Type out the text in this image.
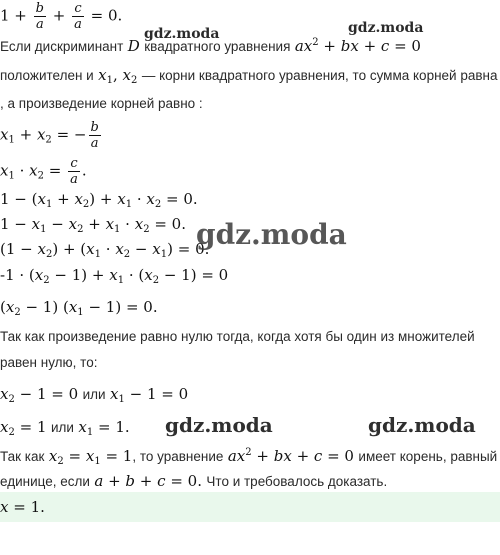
$1 + \frac{b}{a} + \frac{c}{a} = 0$.
Если дискриминант D квадратного уравнения $ax^2$ + bx + c = 0
положителен и $x_1$, $x_2$ — корни квадратного уравнения, то сумма корней равна
, а произведение корней равно :
$x_1 + x_2$ = − $\frac{b}{a}$
$x_1 \cdot x_2 = \frac{c}{a}$ .
$1 - (x_1 + x_2) + x_1 \cdot x_2 = 0$.
$1 - x_1 - x_2 + x_1 \cdot x_2 = 0$.
$(1 - x_2) + (x_1 \cdot x_2 - x_1) = 0$.
$-1 \cdot (x_2 - 1) + x_1 \cdot (x_2 - 1) = 0$
$(x_2 - 1) (x_1 - 1) = 0$.
Так как произведение равно нулю тогда, когда хотя бы один из множителей
равен нулю, то:
$x_2 - 1 = 0$ или $x_1 - 1 = 0$
$x_2 = 1$ или $x_1 = 1$.
Так как $x_2 = x_1 = 1$, то уравнение $ax^2$ + bx + c = 0 имеет корень, равный
единице, если a + b + c = 0. Что и требовалось доказать.
x = 1.
gdz.moda	gdz.moda
gdz.moda
gdz.moda	gdz.moda
